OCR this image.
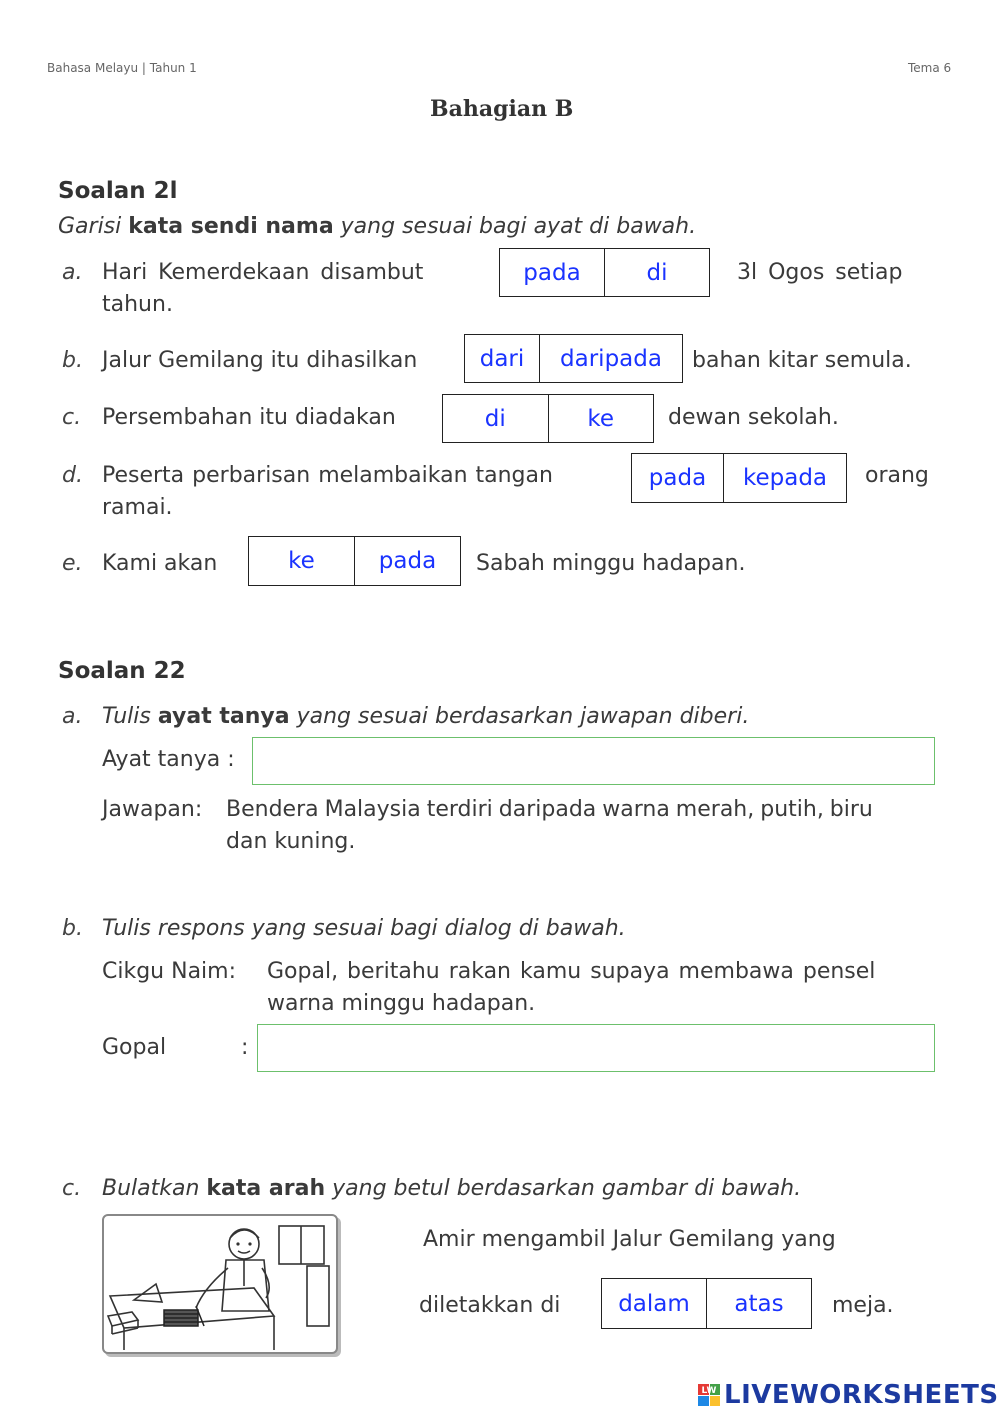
Bahasa Melayu | Tahun 1	Tema 6
Bahagian B
Soalan 2l
Garisi kata sendi nama yang sesuai bagi ayat di bawah.
a. Hari Kemerdekaan disambut	pada	di	3l Ogos setiap
tahun.
b. Jalur Gemilang itu dihasilkan	dari	daripada	bahan kitar semula.
c. Persembahan itu diadakan	di	ke	dewan sekolah.
d. Peserta perbarisan melambaikan tangan	pada	kepada	orang
ramai.
e. Kami akan	ke	pada	Sabah minggu hadapan.
Soalan 22
a. Tulis ayat tanya yang sesuai berdasarkan jawapan diberi.
Ayat tanya :
Jawapan: Bendera Malaysia terdiri daripada warna merah, putih, biru
dan kuning.
b. Tulis respons yang sesuai bagi dialog di bawah.
Cikgu Naim: Gopal, beritahu rakan kamu supaya membawa pensel
warna minggu hadapan.
Gopal	:
c. Bulatkan kata arah yang betul berdasarkan gambar di bawah.
Amir mengambil Jalur Gemilang yang
diletakkan di	dalam	atas	meja.
LW LIVEWORKSHEETS
